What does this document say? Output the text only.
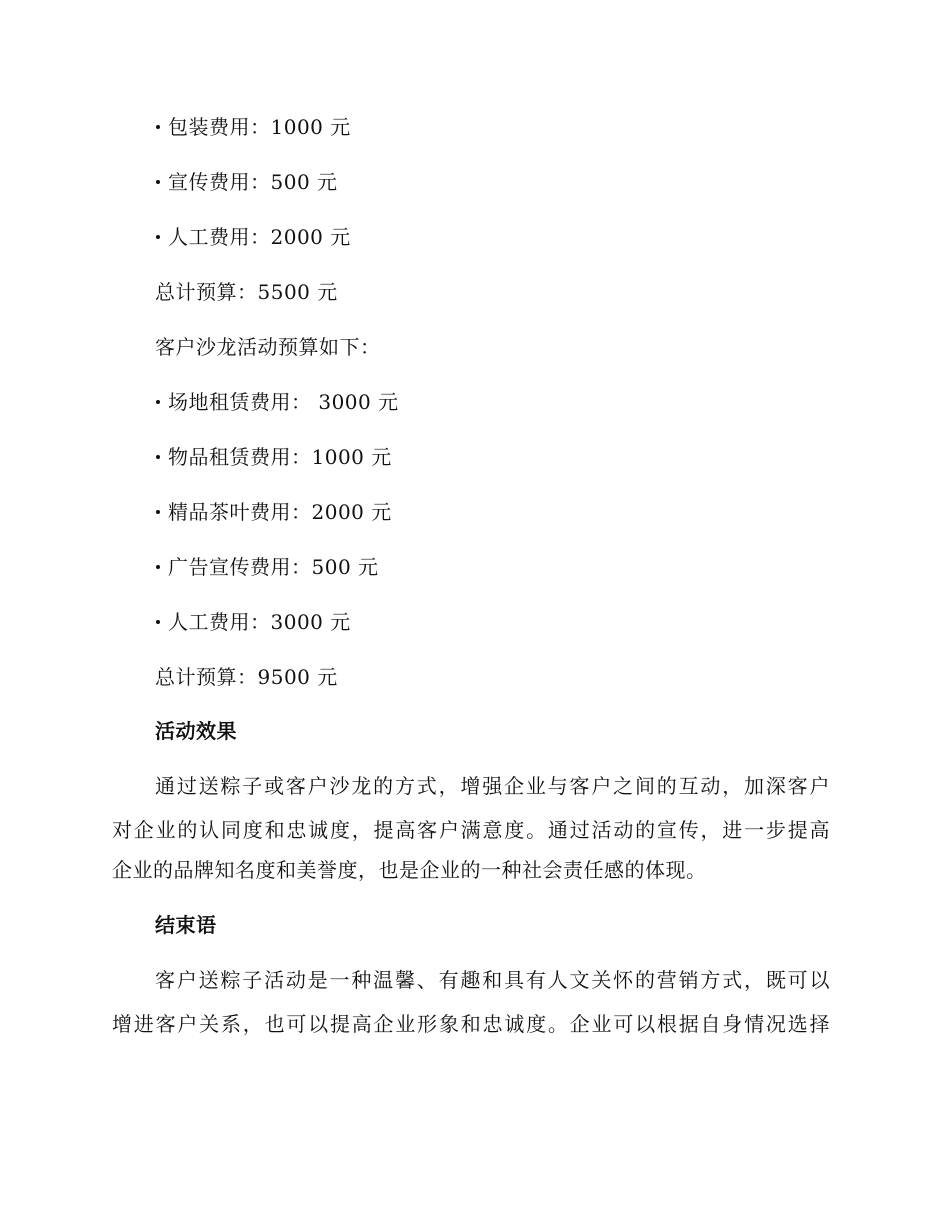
包装费用：1000 元
宣传费用：500 元
人工费用：2000 元
总计预算：5500 元
客户沙龙活动预算如下：
场地租赁费用： 3000 元
物品租赁费用：1000 元
精品茶叶费用：2000 元
广告宣传费用：500 元
人工费用：3000 元
总计预算：9500 元
活动效果
通过送粽子或客户沙龙的方式，增强企业与客户之间的互动，加深客户
对企业的认同度和忠诚度，提高客户满意度。通过活动的宣传，进一步提高
企业的品牌知名度和美誉度，也是企业的一种社会责任感的体现。
结束语
客户送粽子活动是一种温馨、有趣和具有人文关怀的营销方式，既可以
增进客户关系，也可以提高企业形象和忠诚度。企业可以根据自身情况选择
